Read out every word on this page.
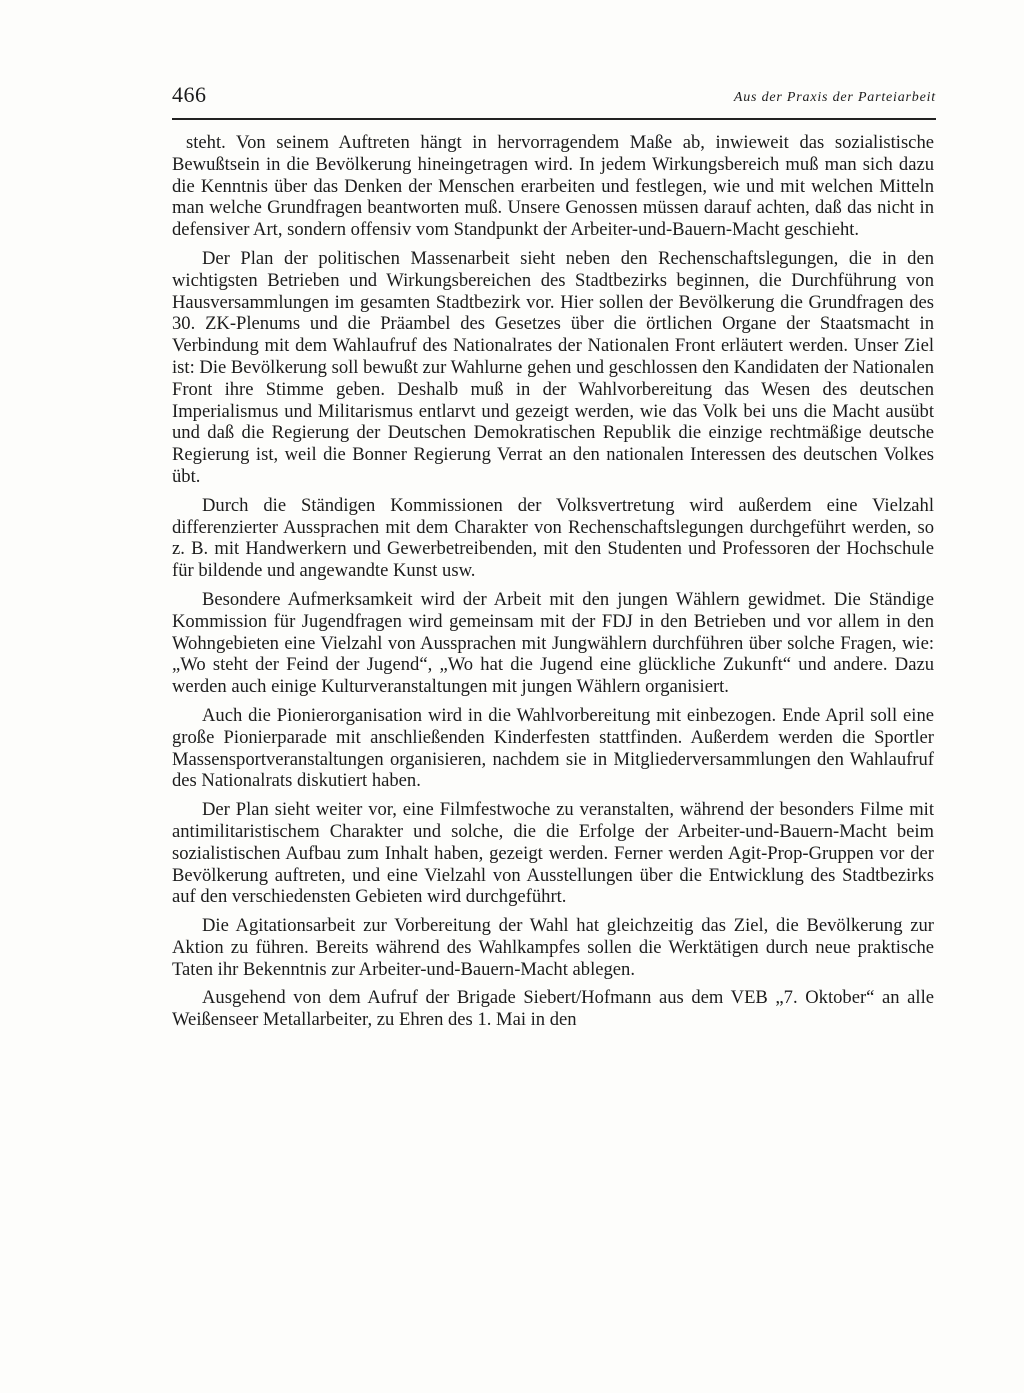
466	Aus der Praxis der Parteiarbeit

steht. Von seinem Auftreten hängt in hervorragendem Maße ab, inwieweit das sozialistische Bewußtsein in die Bevölkerung hineingetragen wird. In jedem Wirkungsbereich muß man sich dazu die Kenntnis über das Denken der Menschen erarbeiten und festlegen, wie und mit welchen Mitteln man welche Grundfragen beantworten muß. Unsere Genossen müssen darauf achten, daß das nicht in defensiver Art, sondern offensiv vom Standpunkt der Arbeiter-und-Bauern-Macht geschieht.

Der Plan der politischen Massenarbeit sieht neben den Rechenschaftslegungen, die in den wichtigsten Betrieben und Wirkungsbereichen des Stadtbezirks beginnen, die Durchführung von Hausversammlungen im gesamten Stadtbezirk vor. Hier sollen der Bevölkerung die Grundfragen des 30. ZK-Plenums und die Präambel des Gesetzes über die örtlichen Organe der Staatsmacht in Verbindung mit dem Wahlaufruf des Nationalrates der Nationalen Front erläutert werden. Unser Ziel ist: Die Bevölkerung soll bewußt zur Wahlurne gehen und geschlossen den Kandidaten der Nationalen Front ihre Stimme geben. Deshalb muß in der Wahlvorbereitung das Wesen des deutschen Imperialismus und Militarismus entlarvt und gezeigt werden, wie das Volk bei uns die Macht ausübt und daß die Regierung der Deutschen Demokratischen Republik die einzige rechtmäßige deutsche Regierung ist, weil die Bonner Regierung Verrat an den nationalen Interessen des deutschen Volkes übt.

Durch die Ständigen Kommissionen der Volksvertretung wird außerdem eine Vielzahl differenzierter Aussprachen mit dem Charakter von Rechenschaftslegungen durchgeführt werden, so z. B. mit Handwerkern und Gewerbetreibenden, mit den Studenten und Professoren der Hochschule für bildende und angewandte Kunst usw.

Besondere Aufmerksamkeit wird der Arbeit mit den jungen Wählern gewidmet. Die Ständige Kommission für Jugendfragen wird gemeinsam mit der FDJ in den Betrieben und vor allem in den Wohngebieten eine Vielzahl von Aussprachen mit Jungwählern durchführen über solche Fragen, wie: „Wo steht der Feind der Jugend“, „Wo hat die Jugend eine glückliche Zukunft“ und andere. Dazu werden auch einige Kulturveranstaltungen mit jungen Wählern organisiert.

Auch die Pionierorganisation wird in die Wahlvorbereitung mit einbezogen. Ende April soll eine große Pionierparade mit anschließenden Kinderfesten stattfinden. Außerdem werden die Sportler Massensportveranstaltungen organisieren, nachdem sie in Mitgliederversammlungen den Wahlaufruf des Nationalrats diskutiert haben.

Der Plan sieht weiter vor, eine Filmfestwoche zu veranstalten, während der besonders Filme mit antimilitaristischem Charakter und solche, die die Erfolge der Arbeiter-und-Bauern-Macht beim sozialistischen Aufbau zum Inhalt haben, gezeigt werden. Ferner werden Agit-Prop-Gruppen vor der Bevölkerung auftreten, und eine Vielzahl von Ausstellungen über die Entwicklung des Stadtbezirks auf den verschiedensten Gebieten wird durchgeführt.

Die Agitationsarbeit zur Vorbereitung der Wahl hat gleichzeitig das Ziel, die Bevölkerung zur Aktion zu führen. Bereits während des Wahlkampfes sollen die Werktätigen durch neue praktische Taten ihr Bekenntnis zur Arbeiter-und-Bauern-Macht ablegen.

Ausgehend von dem Aufruf der Brigade Siebert/Hofmann aus dem VEB „7. Oktober“ an alle Weißenseer Metallarbeiter, zu Ehren des 1. Mai in den
